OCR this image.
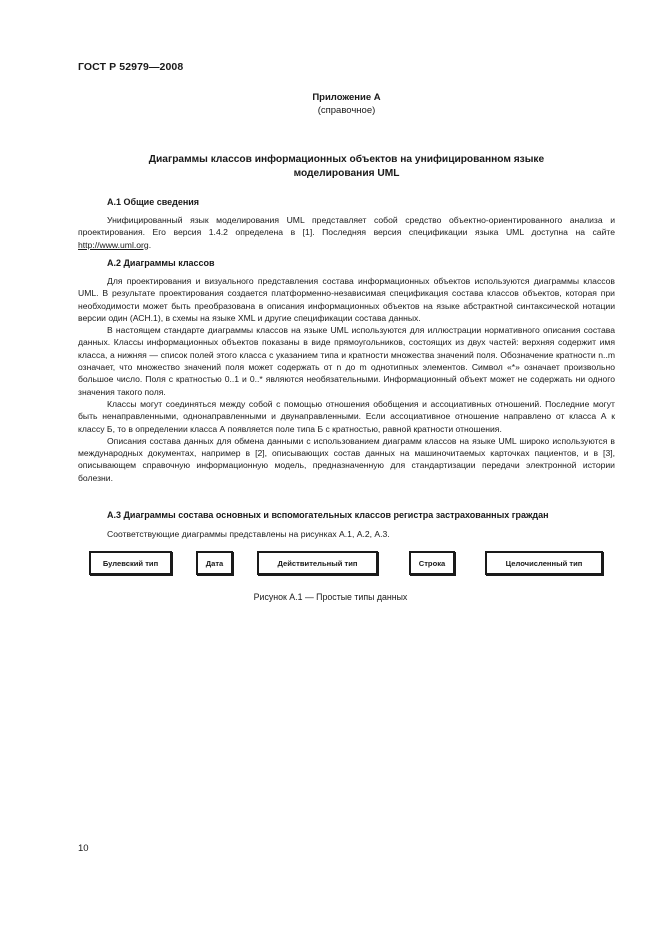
ГОСТ Р 52979—2008
Приложение А
(справочное)
Диаграммы классов информационных объектов на унифицированном языке
моделирования UML
А.1 Общие сведения

Унифицированный язык моделирования UML представляет собой средство объектно-ориентированного анализа и проектирования. Его версия 1.4.2 определена в [1]. Последняя версия спецификации языка UML доступна на сайте http://www.uml.org.

А.2 Диаграммы классов

Для проектирования и визуального представления состава информационных объектов используются диаграммы классов UML. В результате проектирования создается платформенно-независимая спецификация состава классов объектов, которая при необходимости может быть преобразована в описания информационных объектов на языке абстрактной синтаксической нотации версии один (АСН.1), в схемы на языке XML и другие спецификации состава данных.

В настоящем стандарте диаграммы классов на языке UML используются для иллюстрации нормативного описания состава данных. Классы информационных объектов показаны в виде прямоугольников, состоящих из двух частей: верхняя содержит имя класса, а нижняя — список полей этого класса с указанием типа и кратности множества значений поля. Обозначение кратности n..m означает, что множество значений поля может содержать от n до m однотипных элементов. Символ «*» означает произвольно большое число. Поля с кратностью 0..1 и 0..* являются необязательными. Информационный объект может не содержать ни одного значения такого поля.

Классы могут соединяться между собой с помощью отношения обобщения и ассоциативных отношений. Последние могут быть ненаправленными, однонаправленными и двунаправленными. Если ассоциативное отношение направлено от класса А к классу Б, то в определении класса А появляется поле типа Б с кратностью, равной кратности отношения.

Описания состава данных для обмена данными с использованием диаграмм классов на языке UML широко используются в международных документах, например в [2], описывающих состав данных на машиночитаемых карточках пациентов, и в [3], описывающем справочную информационную модель, предназначенную для стандартизации передачи электронной истории болезни.

А.3 Диаграммы состава основных и вспомогательных классов регистра застрахованных граждан

Соответствующие диаграммы представлены на рисунках А.1, А.2, А.3.

Булевский тип	Дата	Действительный тип	Строка	Целочисленный тип
Рисунок А.1 — Простые типы данных
10
